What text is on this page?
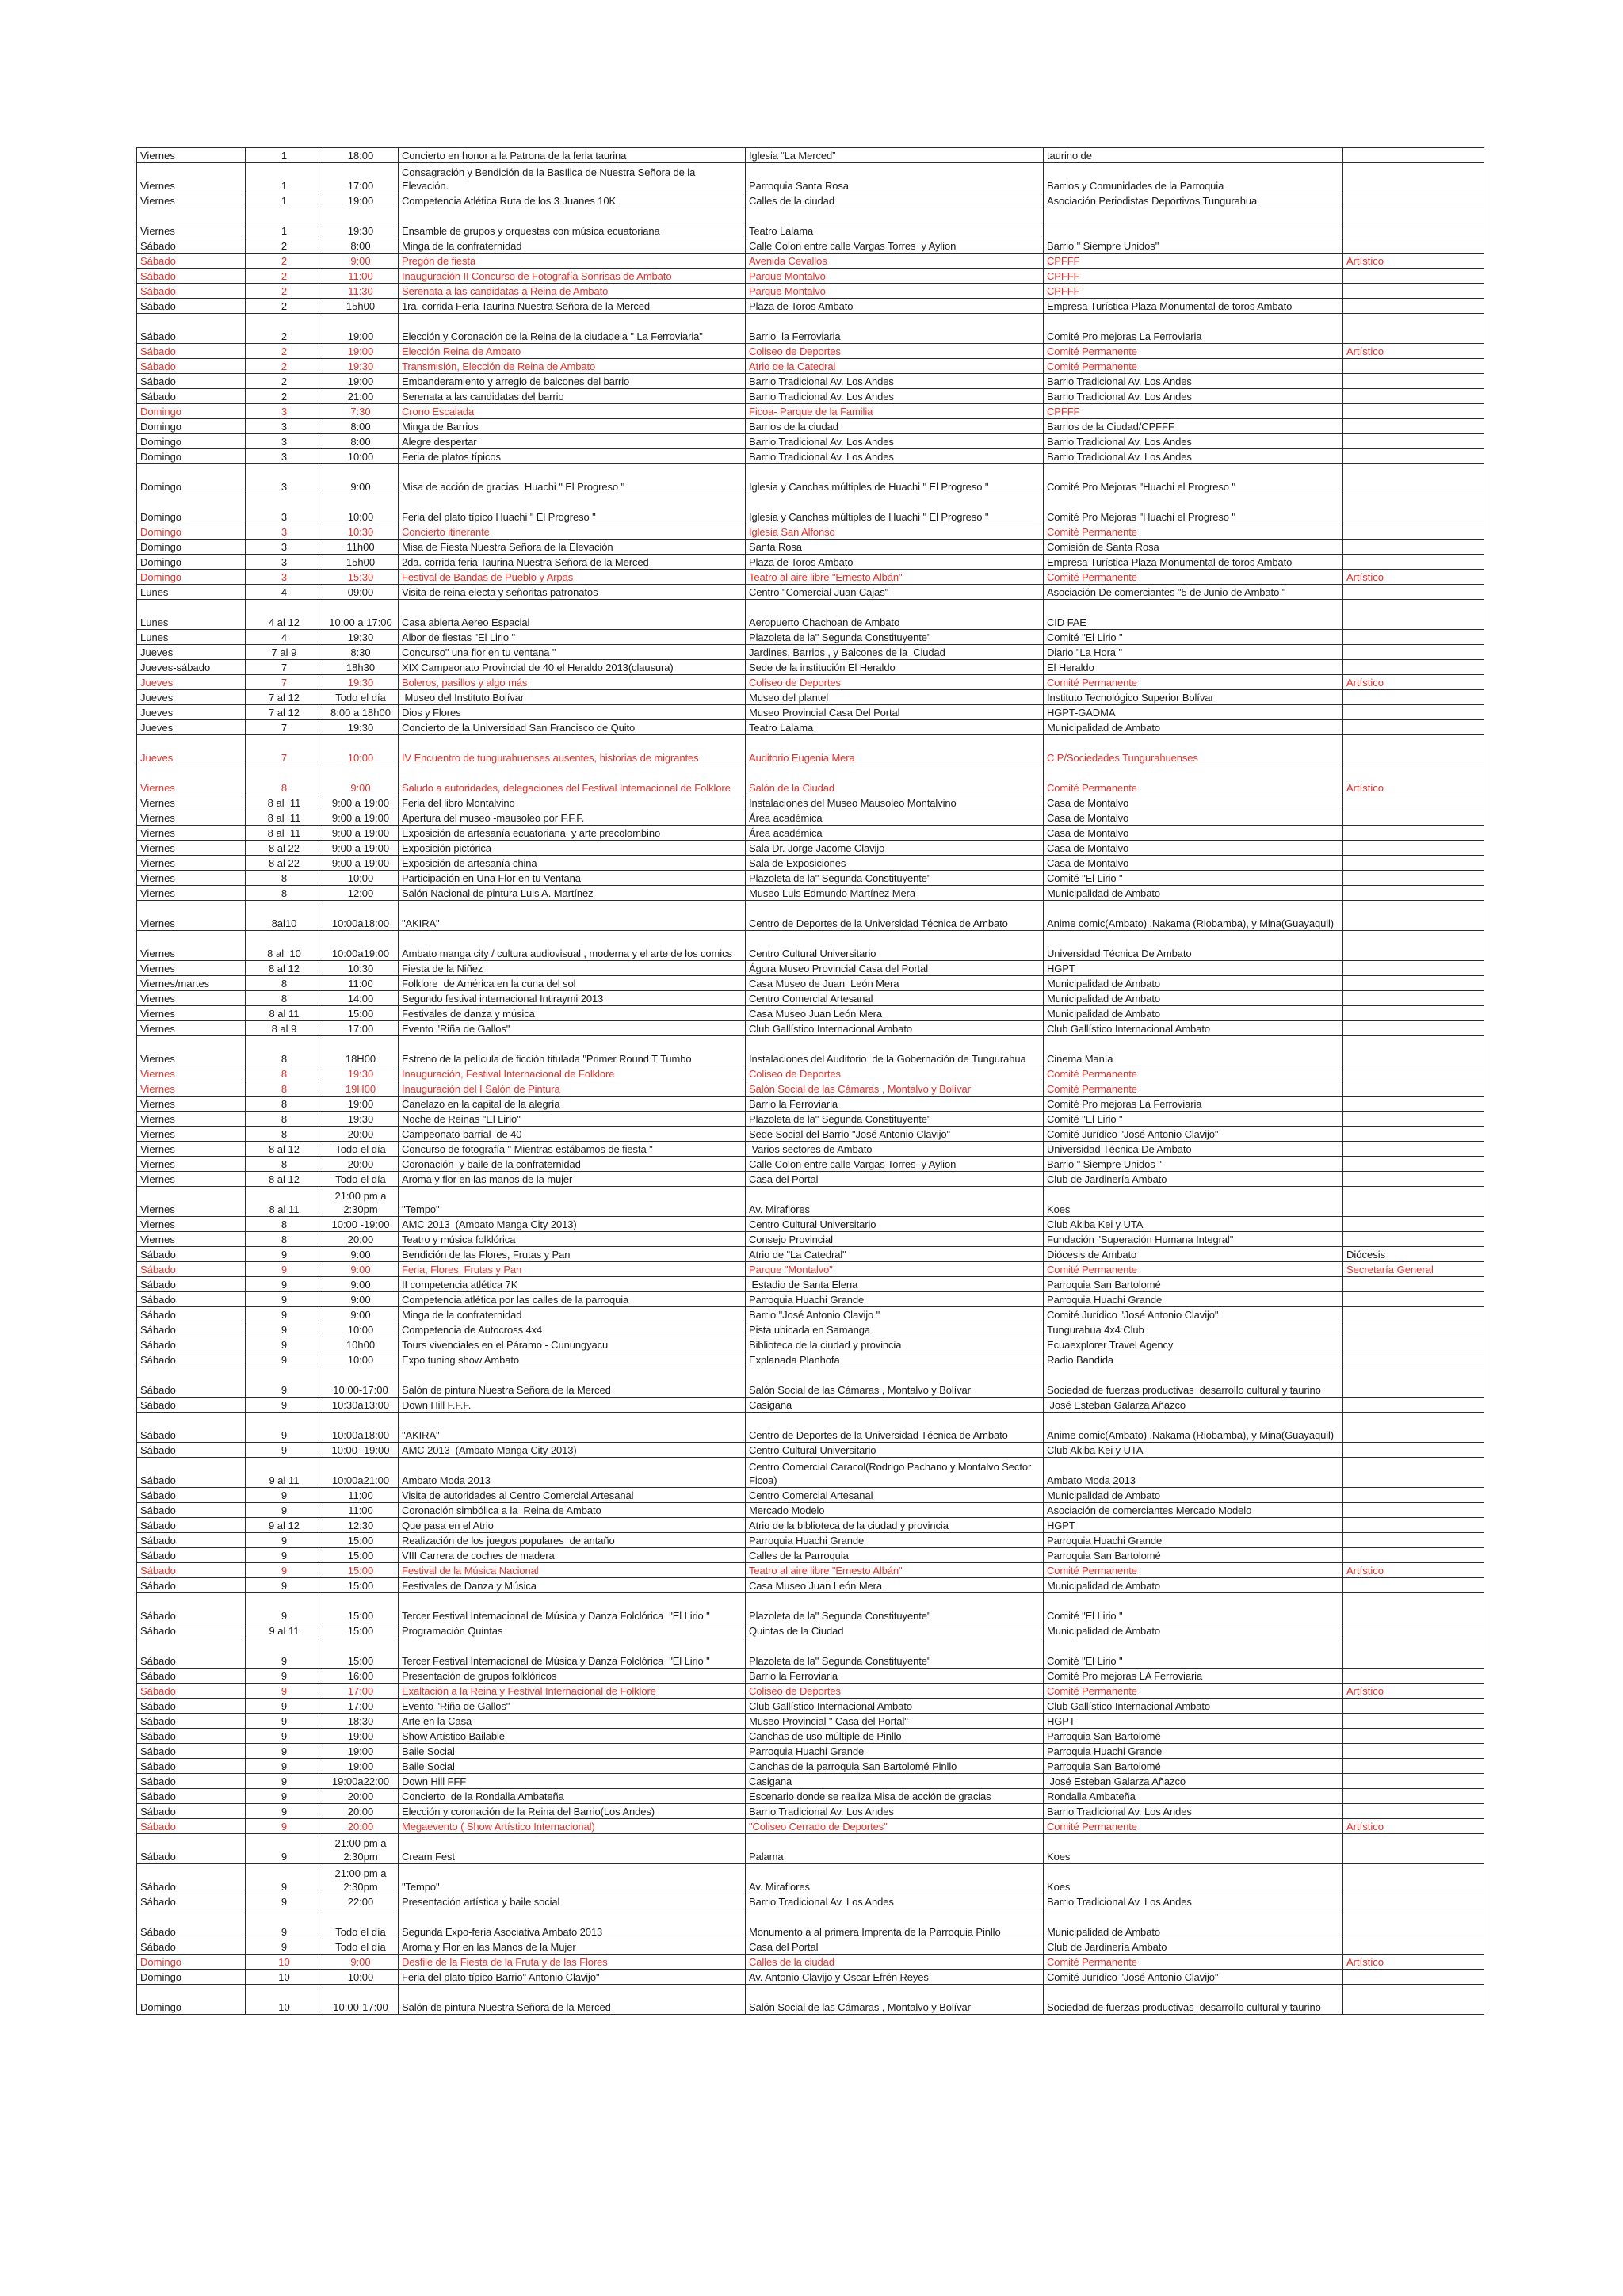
Viernes	1	18:00	Concierto en honor a la Patrona de la feria taurina	Iglesia “La Merced”	taurino de	
Viernes	1	17:00	Consagración y Bendición de la Basílica de Nuestra Señora de la Elevación.	Parroquia Santa Rosa	Barrios y Comunidades de la Parroquia	
Viernes	1	19:00	Competencia Atlética Ruta de los 3 Juanes 10K	Calles de la ciudad	Asociación Periodistas Deportivos Tungurahua	

Viernes	1	19:30	Ensamble de grupos y orquestas con música ecuatoriana	Teatro Lalama		
Sábado	2	8:00	Minga de la confraternidad	Calle Colon entre calle Vargas Torres  y Aylion	Barrio " Siempre Unidos"	
Sábado	2	9:00	Pregón de fiesta	Avenida Cevallos	CPFFF	Artístico
Sábado	2	11:00	Inauguración II Concurso de Fotografía Sonrisas de Ambato	Parque Montalvo	CPFFF	
Sábado	2	11:30	Serenata a las candidatas a Reina de Ambato	Parque Montalvo	CPFFF	
Sábado	2	15h00	1ra. corrida Feria Taurina Nuestra Señora de la Merced	Plaza de Toros Ambato	Empresa Turística Plaza Monumental de toros Ambato	
Sábado	2	19:00	Elección y Coronación de la Reina de la ciudadela " La Ferroviaria"	Barrio  la Ferroviaria	Comité Pro mejoras La Ferroviaria	
Sábado	2	19:00	Elección Reina de Ambato	Coliseo de Deportes	Comité Permanente	Artístico
Sábado	2	19:30	Transmisión, Elección de Reina de Ambato	Atrio de la Catedral	Comité Permanente	
Sábado	2	19:00	Embanderamiento y arreglo de balcones del barrio	Barrio Tradicional Av. Los Andes	Barrio Tradicional Av. Los Andes	
Sábado	2	21:00	Serenata a las candidatas del barrio	Barrio Tradicional Av. Los Andes	Barrio Tradicional Av. Los Andes	
Domingo	3	7:30	Crono Escalada	Ficoa- Parque de la Familia	CPFFF	
Domingo	3	8:00	Minga de Barrios	Barrios de la ciudad	Barrios de la Ciudad/CPFFF	
Domingo	3	8:00	Alegre despertar	Barrio Tradicional Av. Los Andes	Barrio Tradicional Av. Los Andes	
Domingo	3	10:00	Feria de platos típicos	Barrio Tradicional Av. Los Andes	Barrio Tradicional Av. Los Andes	
Domingo	3	9:00	Misa de acción de gracias  Huachi " El Progreso "	Iglesia y Canchas múltiples de Huachi " El Progreso "	Comité Pro Mejoras "Huachi el Progreso "	
Domingo	3	10:00	Feria del plato típico Huachi " El Progreso "	Iglesia y Canchas múltiples de Huachi " El Progreso "	Comité Pro Mejoras "Huachi el Progreso "	
Domingo	3	10:30	Concierto itinerante	Iglesia San Alfonso	Comité Permanente	
Domingo	3	11h00	Misa de Fiesta Nuestra Señora de la Elevación	Santa Rosa	Comisión de Santa Rosa	
Domingo	3	15h00	2da. corrida feria Taurina Nuestra Señora de la Merced	Plaza de Toros Ambato	Empresa Turística Plaza Monumental de toros Ambato	
Domingo	3	15:30	Festival de Bandas de Pueblo y Arpas	Teatro al aire libre "Ernesto Albán"	Comité Permanente	Artístico
Lunes	4	09:00	Visita de reina electa y señoritas patronatos	Centro "Comercial Juan Cajas"	Asociación De comerciantes "5 de Junio de Ambato "	
Lunes	4 al 12	10:00 a 17:00	Casa abierta Aereo Espacial	Aeropuerto Chachoan de Ambato	CID FAE	
Lunes	4	19:30	Albor de fiestas "El Lirio "	Plazoleta de la" Segunda Constituyente"	Comité "El Lirio "	
Jueves	7 al 9	8:30	Concurso" una flor en tu ventana "	Jardines, Barrios , y Balcones de la  Ciudad	Diario "La Hora "	
Jueves-sábado	7	18h30	XIX Campeonato Provincial de 40 el Heraldo 2013(clausura)	Sede de la institución El Heraldo	El Heraldo	
Jueves	7	19:30	Boleros, pasillos y algo más	Coliseo de Deportes	Comité Permanente	Artístico
Jueves	7 al 12	Todo el día	Museo del Instituto Bolívar	Museo del plantel	Instituto Tecnológico Superior Bolívar	
Jueves	7 al 12	8:00 a 18h00	Dios y Flores	Museo Provincial Casa Del Portal	HGPT-GADMA	
Jueves	7	19:30	Concierto de la Universidad San Francisco de Quito	Teatro Lalama	Municipalidad de Ambato	
Jueves	7	10:00	IV Encuentro de tungurahuenses ausentes, historias de migrantes	Auditorio Eugenia Mera	C P/Sociedades Tungurahuenses	
Viernes	8	9:00	Saludo a autoridades, delegaciones del Festival Internacional de Folklore	Salón de la Ciudad	Comité Permanente	Artístico
Viernes	8 al  11	9:00 a 19:00	Feria del libro Montalvino	Instalaciones del Museo Mausoleo Montalvino	Casa de Montalvo	
Viernes	8 al  11	9:00 a 19:00	Apertura del museo -mausoleo por F.F.F.	Área académica	Casa de Montalvo	
Viernes	8 al  11	9:00 a 19:00	Exposición de artesanía ecuatoriana  y arte precolombino	Área académica	Casa de Montalvo	
Viernes	8 al 22	9:00 a 19:00	Exposición pictórica	Sala Dr. Jorge Jacome Clavijo	Casa de Montalvo	
Viernes	8 al 22	9:00 a 19:00	Exposición de artesanía china	Sala de Exposiciones	Casa de Montalvo	
Viernes	8	10:00	Participación en Una Flor en tu Ventana	Plazoleta de la" Segunda Constituyente"	Comité "El Lirio "	
Viernes	8	12:00	Salón Nacional de pintura Luis A. Martínez	Museo Luis Edmundo Martínez Mera	Municipalidad de Ambato	
Viernes	8al10	10:00a18:00	"AKIRA"	Centro de Deportes de la Universidad Técnica de Ambato	Anime comic(Ambato) ,Nakama (Riobamba), y Mina(Guayaquil)	
Viernes	8 al  10	10:00a19:00	Ambato manga city / cultura audiovisual , moderna y el arte de los comics	Centro Cultural Universitario	Universidad Técnica De Ambato	
Viernes	8 al 12	10:30	Fiesta de la Niñez	Ágora Museo Provincial Casa del Portal	HGPT	
Viernes/martes	8	11:00	Folklore  de América en la cuna del sol	Casa Museo de Juan  León Mera	Municipalidad de Ambato	
Viernes	8	14:00	Segundo festival internacional Intiraymi 2013	Centro Comercial Artesanal	Municipalidad de Ambato	
Viernes	8 al 11	15:00	Festivales de danza y música	Casa Museo Juan León Mera	Municipalidad de Ambato	
Viernes	8 al 9	17:00	Evento "Riña de Gallos"	Club Gallístico Internacional Ambato	Club Gallístico Internacional Ambato	
Viernes	8	18H00	Estreno de la película de ficción titulada "Primer Round T Tumbo	Instalaciones del Auditorio  de la Gobernación de Tungurahua	Cinema Manía	
Viernes	8	19:30	Inauguración, Festival Internacional de Folklore	Coliseo de Deportes	Comité Permanente	
Viernes	8	19H00	Inauguración del I Salón de Pintura	Salón Social de las Cámaras , Montalvo y Bolívar	Comité Permanente	
Viernes	8	19:00	Canelazo en la capital de la alegría	Barrio la Ferroviaria	Comité Pro mejoras La Ferroviaria	
Viernes	8	19:30	Noche de Reinas "El Lirio"	Plazoleta de la" Segunda Constituyente"	Comité "El Lirio "	
Viernes	8	20:00	Campeonato barrial  de 40	Sede Social del Barrio "José Antonio Clavijo"	Comité Jurídico "José Antonio Clavijo"	
Viernes	8 al 12	Todo el día	Concurso de fotografía " Mientras estábamos de fiesta "	Varios sectores de Ambato	Universidad Técnica De Ambato	
Viernes	8	20:00	Coronación  y baile de la confraternidad	Calle Colon entre calle Vargas Torres  y Aylion	Barrio " Siempre Unidos "	
Viernes	8 al 12	Todo el día	Aroma y flor en las manos de la mujer	Casa del Portal	Club de Jardinería Ambato	
Viernes	8 al 11	21:00 pm a 2:30pm	"Tempo"	Av. Miraflores	Koes	
Viernes	8	10:00 -19:00	AMC 2013  (Ambato Manga City 2013)	Centro Cultural Universitario	Club Akiba Kei y UTA	
Viernes	8	20:00	Teatro y música folklórica	Consejo Provincial	Fundación "Superación Humana Integral"	
Sábado	9	9:00	Bendición de las Flores, Frutas y Pan	Atrio de "La Catedral"	Diócesis de Ambato	Diócesis
Sábado	9	9:00	Feria, Flores, Frutas y Pan	Parque "Montalvo"	Comité Permanente	Secretaría General
Sábado	9	9:00	II competencia atlética 7K	Estadio de Santa Elena	Parroquia San Bartolomé	
Sábado	9	9:00	Competencia atlética por las calles de la parroquia	Parroquia Huachi Grande	Parroquia Huachi Grande	
Sábado	9	9:00	Minga de la confraternidad	Barrio "José Antonio Clavijo "	Comité Jurídico "José Antonio Clavijo"	
Sábado	9	10:00	Competencia de Autocross 4x4	Pista ubicada en Samanga	Tungurahua 4x4 Club	
Sábado	9	10h00	Tours vivenciales en el Páramo - Cunungyacu	Biblioteca de la ciudad y provincia	Ecuaexplorer Travel Agency	
Sábado	9	10:00	Expo tuning show Ambato	Explanada Planhofa	Radio Bandida	
Sábado	9	10:00-17:00	Salón de pintura Nuestra Señora de la Merced	Salón Social de las Cámaras , Montalvo y Bolívar	Sociedad de fuerzas productivas  desarrollo cultural y taurino	
Sábado	9	10:30a13:00	Down Hill F.F.F.	Casigana	José Esteban Galarza Añazco	
Sábado	9	10:00a18:00	"AKIRA"	Centro de Deportes de la Universidad Técnica de Ambato	Anime comic(Ambato) ,Nakama (Riobamba), y Mina(Guayaquil)	
Sábado	9	10:00 -19:00	AMC 2013  (Ambato Manga City 2013)	Centro Cultural Universitario	Club Akiba Kei y UTA	
Sábado	9 al 11	10:00a21:00	Ambato Moda 2013	Centro Comercial Caracol(Rodrigo Pachano y Montalvo Sector Ficoa)	Ambato Moda 2013	
Sábado	9	11:00	Visita de autoridades al Centro Comercial Artesanal	Centro Comercial Artesanal	Municipalidad de Ambato	
Sábado	9	11:00	Coronación simbólica a la  Reina de Ambato	Mercado Modelo	Asociación de comerciantes Mercado Modelo	
Sábado	9 al 12	12:30	Que pasa en el Atrio	Atrio de la biblioteca de la ciudad y provincia	HGPT	
Sábado	9	15:00	Realización de los juegos populares  de antaño	Parroquia Huachi Grande	Parroquia Huachi Grande	
Sábado	9	15:00	VIII Carrera de coches de madera	Calles de la Parroquia	Parroquia San Bartolomé	
Sábado	9	15:00	Festival de la Música Nacional	Teatro al aire libre "Ernesto Albán"	Comité Permanente	Artístico
Sábado	9	15:00	Festivales de Danza y Música	Casa Museo Juan León Mera	Municipalidad de Ambato	
Sábado	9	15:00	Tercer Festival Internacional de Música y Danza Folclórica  "El Lirio "	Plazoleta de la" Segunda Constituyente"	Comité "El Lirio "	
Sábado	9 al 11	15:00	Programación Quintas	Quintas de la Ciudad	Municipalidad de Ambato	
Sábado	9	15:00	Tercer Festival Internacional de Música y Danza Folclórica  "El Lirio "	Plazoleta de la" Segunda Constituyente"	Comité "El Lirio "	
Sábado	9	16:00	Presentación de grupos folklóricos	Barrio la Ferroviaria	Comité Pro mejoras LA Ferroviaria	
Sábado	9	17:00	Exaltación a la Reina y Festival Internacional de Folklore	Coliseo de Deportes	Comité Permanente	Artístico
Sábado	9	17:00	Evento "Riña de Gallos"	Club Gallístico Internacional Ambato	Club Gallístico Internacional Ambato	
Sábado	9	18:30	Arte en la Casa	Museo Provincial " Casa del Portal"	HGPT	
Sábado	9	19:00	Show Artístico Bailable	Canchas de uso múltiple de Pinllo	Parroquia San Bartolomé	
Sábado	9	19:00	Baile Social	Parroquia Huachi Grande	Parroquia Huachi Grande	
Sábado	9	19:00	Baile Social	Canchas de la parroquia San Bartolomé Pinllo	Parroquia San Bartolomé	
Sábado	9	19:00a22:00	Down Hill FFF	Casigana	José Esteban Galarza Añazco	
Sábado	9	20:00	Concierto  de la Rondalla Ambateña	Escenario donde se realiza Misa de acción de gracias	Rondalla Ambateña	
Sábado	9	20:00	Elección y coronación de la Reina del Barrio(Los Andes)	Barrio Tradicional Av. Los Andes	Barrio Tradicional Av. Los Andes	
Sábado	9	20:00	Megaevento ( Show Artístico Internacional)	"Coliseo Cerrado de Deportes"	Comité Permanente	Artístico
Sábado	9	21:00 pm a 2:30pm	Cream Fest	Palama	Koes	
Sábado	9	21:00 pm a 2:30pm	"Tempo"	Av. Miraflores	Koes	
Sábado	9	22:00	Presentación artística y baile social	Barrio Tradicional Av. Los Andes	Barrio Tradicional Av. Los Andes	
Sábado	9	Todo el día	Segunda Expo-feria Asociativa Ambato 2013	Monumento a al primera Imprenta de la Parroquia Pinllo	Municipalidad de Ambato	
Sábado	9	Todo el día	Aroma y Flor en las Manos de la Mujer	Casa del Portal	Club de Jardinería Ambato	
Domingo	10	9:00	Desfile de la Fiesta de la Fruta y de las Flores	Calles de la ciudad	Comité Permanente	Artístico
Domingo	10	10:00	Feria del plato típico Barrio" Antonio Clavijo"	Av. Antonio Clavijo y Oscar Efrén Reyes	Comité Jurídico "José Antonio Clavijo"	
Domingo	10	10:00-17:00	Salón de pintura Nuestra Señora de la Merced	Salón Social de las Cámaras , Montalvo y Bolívar	Sociedad de fuerzas productivas  desarrollo cultural y taurino	
